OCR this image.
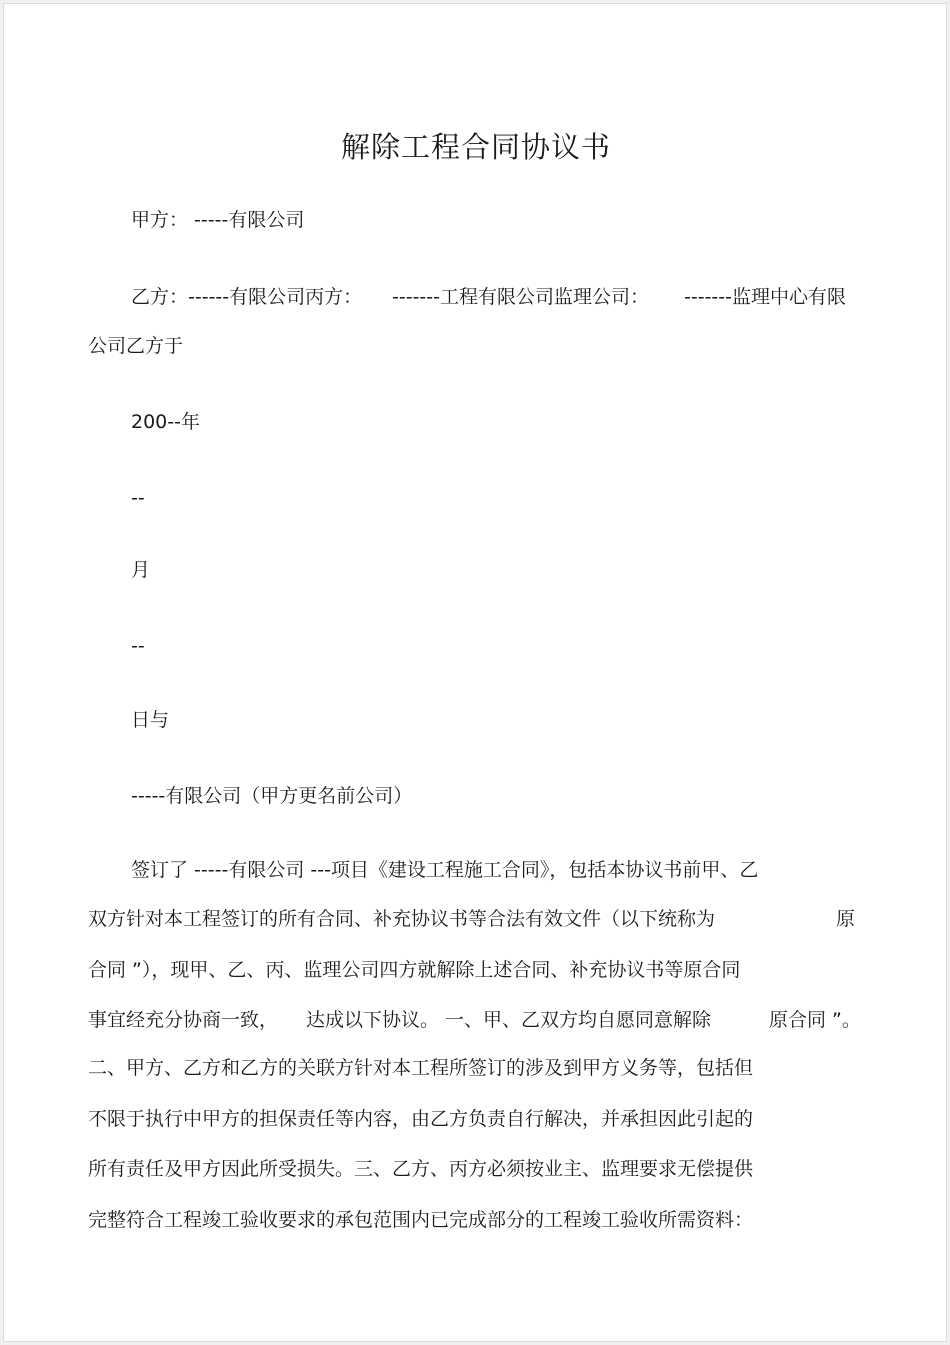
解除工程合同协议书
甲方： -----有限公司
乙方：------有限公司丙方： -------工程有限公司监理公司： -------监理中心有限
公司乙方于
200--年
--
月
--
日与
-----有限公司（甲方更名前公司）
签订了 -----有限公司 ---项目《建设工程施工合同》，包括本协议书前甲、乙
双方针对本工程签订的所有合同、补充协议书等合法有效文件（以下统称为	原
合同 ”），现甲、乙、丙、监理公司四方就解除上述合同、补充协议书等原合同
事宜经充分协商一致， 达成以下协议。 一、甲、乙双方均自愿同意解除	原合同 ”。
二、甲方、乙方和乙方的关联方针对本工程所签订的涉及到甲方义务等，包括但
不限于执行中甲方的担保责任等内容，由乙方负责自行解决，并承担因此引起的
所有责任及甲方因此所受损失。三、乙方、丙方必须按业主、监理要求无偿提供
完整符合工程竣工验收要求的承包范围内已完成部分的工程竣工验收所需资料：
